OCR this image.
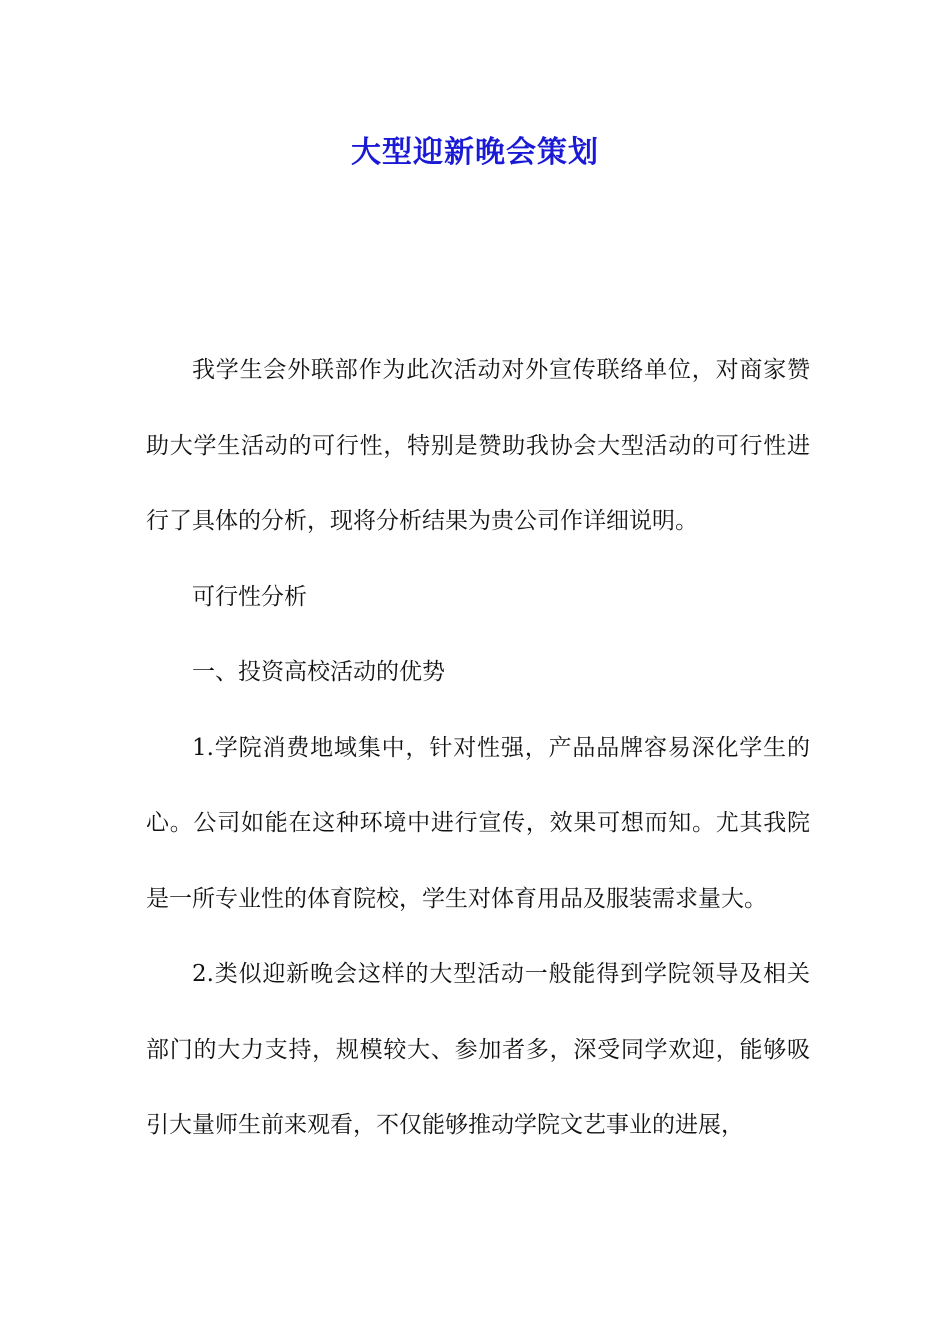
大型迎新晚会策划

我学生会外联部作为此次活动对外宣传联络单位，对商家赞助大学生活动的可行性，特别是赞助我协会大型活动的可行性进行了具体的分析，现将分析结果为贵公司作详细说明。

可行性分析

一、投资高校活动的优势

1.学院消费地域集中，针对性强，产品品牌容易深化学生的心。公司如能在这种环境中进行宣传，效果可想而知。尤其我院是一所专业性的体育院校，学生对体育用品及服装需求量大。

2.类似迎新晚会这样的大型活动一般能得到学院领导及相关部门的大力支持，规模较大、参加者多，深受同学欢迎，能够吸引大量师生前来观看，不仅能够推动学院文艺事业的进展，
